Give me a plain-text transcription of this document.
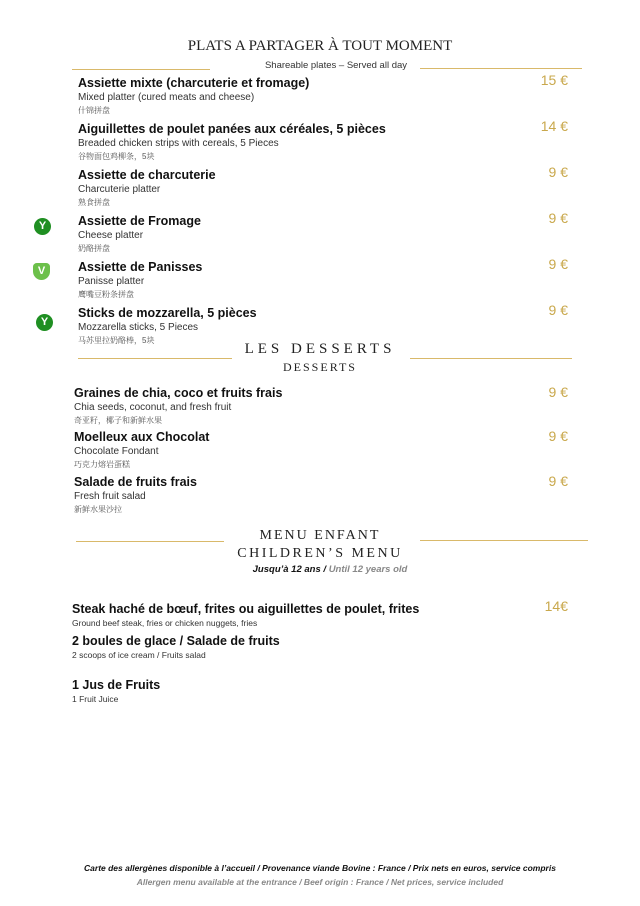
PLATS A PARTAGER À TOUT MOMENT
Shareable plates – Served all day
Y
V
Y
Assiette mixte (charcuterie et fromage)
Mixed platter (cured meats and cheese)
什锦拼盘
15 €
Aiguillettes de poulet panées aux céréales, 5 pièces
Breaded chicken strips with cereals, 5 Pieces
谷物面包鸡柳条，5块
14 €
Assiette de charcuterie
Charcuterie platter
熟食拼盘
9 €
Assiette de Fromage
Cheese platter
奶酪拼盘
9 €
Assiette de Panisses
Panisse platter
鹰嘴豆粉条拼盘
9 €
Sticks de mozzarella, 5 pièces
Mozzarella sticks, 5 Pieces
马苏里拉奶酪棒，5块
9 €
LES DESSERTS
DESSERTS
Graines de chia, coco et fruits frais
Chia seeds, coconut, and fresh fruit
奇亚籽，椰子和新鲜水果
9 €
Moelleux aux Chocolat
Chocolate Fondant
巧克力熔岩蛋糕
9 €
Salade de fruits frais
Fresh fruit salad
新鲜水果沙拉
9 €
MENU ENFANT
CHILDREN’S MENU
Jusqu’à 12 ans / Until 12 years old
14€
Steak haché de bœuf, frites ou aiguillettes de poulet, frites
Ground beef steak, fries or chicken nuggets, fries
2 boules de glace / Salade de fruits
2 scoops of ice cream / Fruits salad
1 Jus de Fruits
1 Fruit Juice
Carte des allergènes disponible à l’accueil / Provenance viande Bovine : France / Prix nets en euros, service compris
Allergen menu available at the entrance / Beef origin : France / Net prices, service included
